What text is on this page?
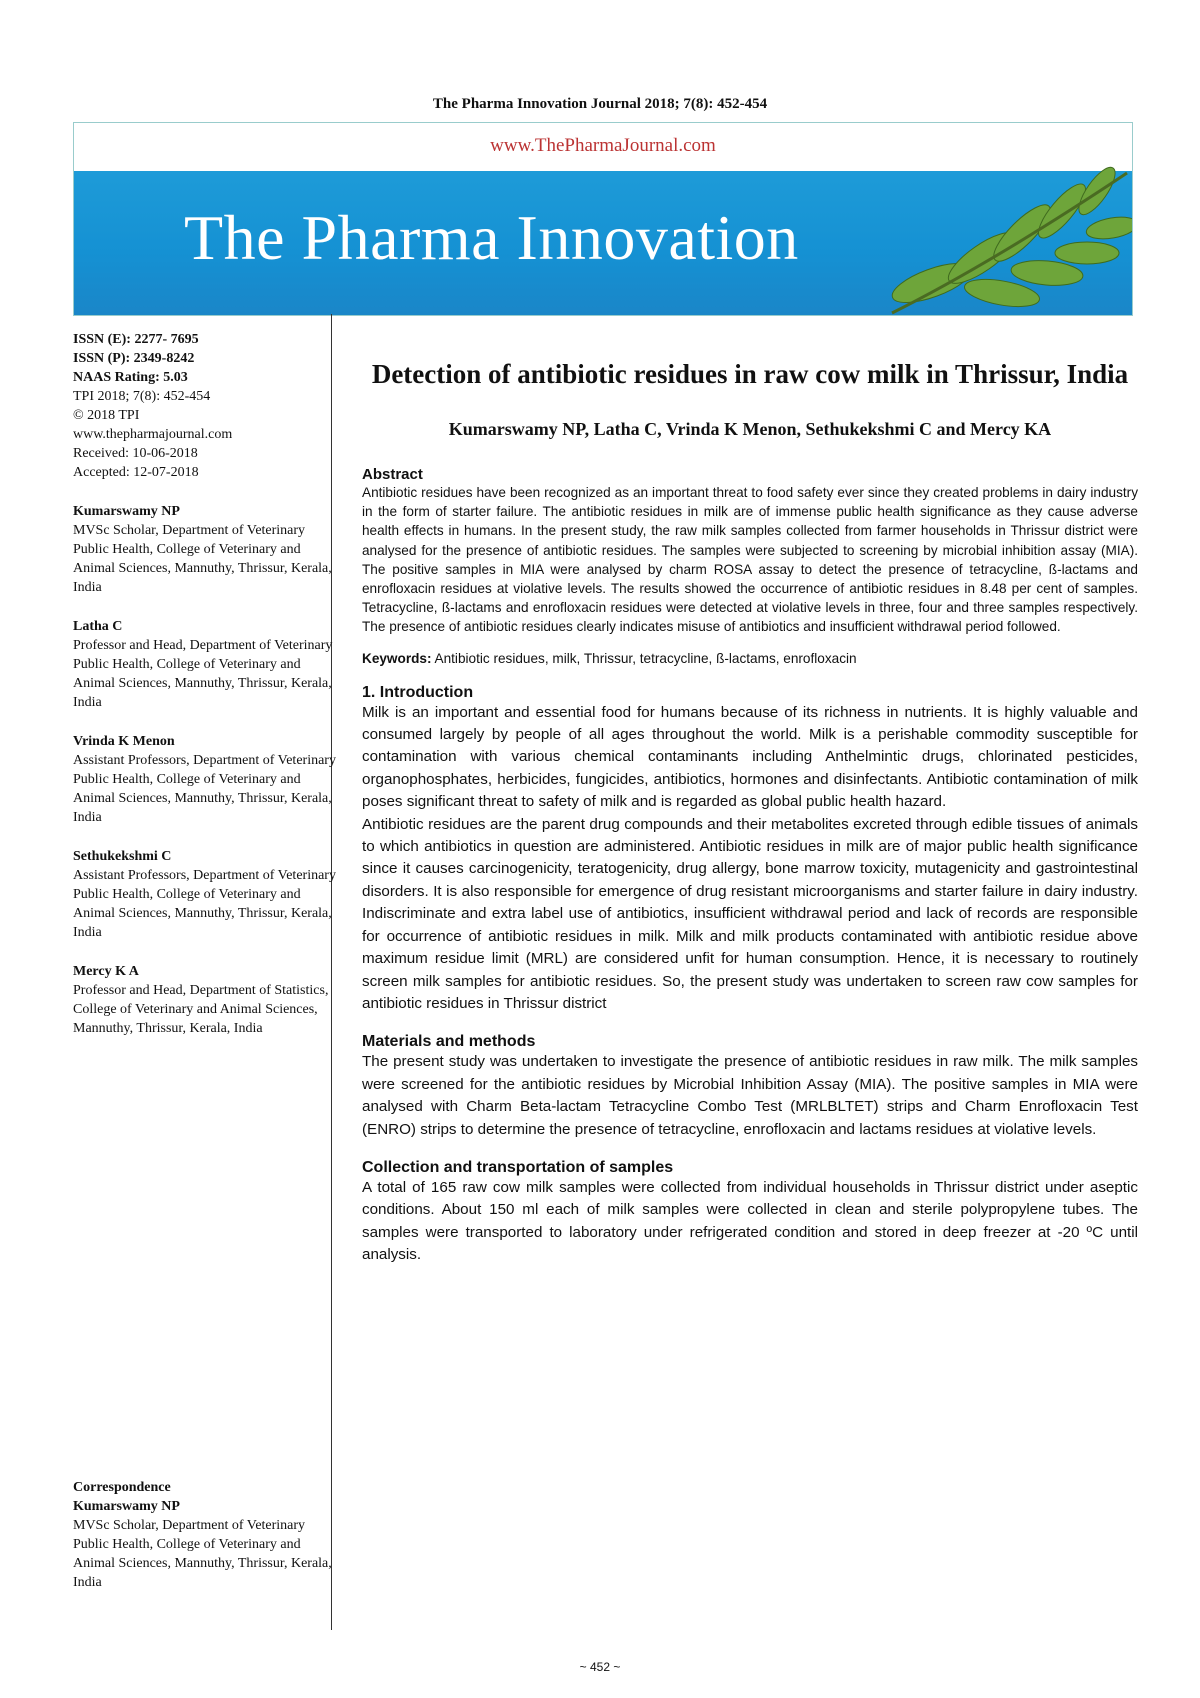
The Pharma Innovation Journal 2018; 7(8): 452-454
www.ThePharmaJournal.com
The Pharma Innovation
ISSN (E): 2277- 7695
ISSN (P): 2349-8242
NAAS Rating: 5.03
TPI 2018; 7(8): 452-454
© 2018 TPI
www.thepharmajournal.com
Received: 10-06-2018
Accepted: 12-07-2018
Kumarswamy NP
MVSc Scholar, Department of Veterinary Public Health, College of Veterinary and Animal Sciences, Mannuthy, Thrissur, Kerala, India
Latha C
Professor and Head, Department of Veterinary Public Health, College of Veterinary and Animal Sciences, Mannuthy, Thrissur, Kerala, India
Vrinda K Menon
Assistant Professors, Department of Veterinary Public Health, College of Veterinary and Animal Sciences, Mannuthy, Thrissur, Kerala, India
Sethukekshmi C
Assistant Professors, Department of Veterinary Public Health, College of Veterinary and Animal Sciences, Mannuthy, Thrissur, Kerala, India
Mercy K A
Professor and Head, Department of Statistics, College of Veterinary and Animal Sciences, Mannuthy, Thrissur, Kerala, India
Correspondence
Kumarswamy NP
MVSc Scholar, Department of Veterinary Public Health, College of Veterinary and Animal Sciences, Mannuthy, Thrissur, Kerala, India
Detection of antibiotic residues in raw cow milk in Thrissur, India
Kumarswamy NP, Latha C, Vrinda K Menon, Sethukekshmi C and Mercy KA
Abstract

Antibiotic residues have been recognized as an important threat to food safety ever since they created problems in dairy industry in the form of starter failure. The antibiotic residues in milk are of immense public health significance as they cause adverse health effects in humans. In the present study, the raw milk samples collected from farmer households in Thrissur district were analysed for the presence of antibiotic residues. The samples were subjected to screening by microbial inhibition assay (MIA). The positive samples in MIA were analysed by charm ROSA assay to detect the presence of tetracycline, ß-lactams and enrofloxacin residues at violative levels. The results showed the occurrence of antibiotic residues in 8.48 per cent of samples. Tetracycline, ß-lactams and enrofloxacin residues were detected at violative levels in three, four and three samples respectively. The presence of antibiotic residues clearly indicates misuse of antibiotics and insufficient withdrawal period followed.

Keywords: Antibiotic residues, milk, Thrissur, tetracycline, ß-lactams, enrofloxacin
1. Introduction

Milk is an important and essential food for humans because of its richness in nutrients. It is highly valuable and consumed largely by people of all ages throughout the world. Milk is a perishable commodity susceptible for contamination with various chemical contaminants including Anthelmintic drugs, chlorinated pesticides, organophosphates, herbicides, fungicides, antibiotics, hormones and disinfectants. Antibiotic contamination of milk poses significant threat to safety of milk and is regarded as global public health hazard.

Antibiotic residues are the parent drug compounds and their metabolites excreted through edible tissues of animals to which antibiotics in question are administered. Antibiotic residues in milk are of major public health significance since it causes carcinogenicity, teratogenicity, drug allergy, bone marrow toxicity, mutagenicity and gastrointestinal disorders. It is also responsible for emergence of drug resistant microorganisms and starter failure in dairy industry. Indiscriminate and extra label use of antibiotics, insufficient withdrawal period and lack of records are responsible for occurrence of antibiotic residues in milk. Milk and milk products contaminated with antibiotic residue above maximum residue limit (MRL) are considered unfit for human consumption. Hence, it is necessary to routinely screen milk samples for antibiotic residues. So, the present study was undertaken to screen raw cow samples for antibiotic residues in Thrissur district

Materials and methods

The present study was undertaken to investigate the presence of antibiotic residues in raw milk. The milk samples were screened for the antibiotic residues by Microbial Inhibition Assay (MIA). The positive samples in MIA were analysed with Charm Beta-lactam Tetracycline Combo Test (MRLBLTET) strips and Charm Enrofloxacin Test (ENRO) strips to determine the presence of tetracycline, enrofloxacin and lactams residues at violative levels.

Collection and transportation of samples

A total of 165 raw cow milk samples were collected from individual households in Thrissur district under aseptic conditions. About 150 ml each of milk samples were collected in clean and sterile polypropylene tubes. The samples were transported to laboratory under refrigerated condition and stored in deep freezer at -20 ºC until analysis.

~ 452 ~
